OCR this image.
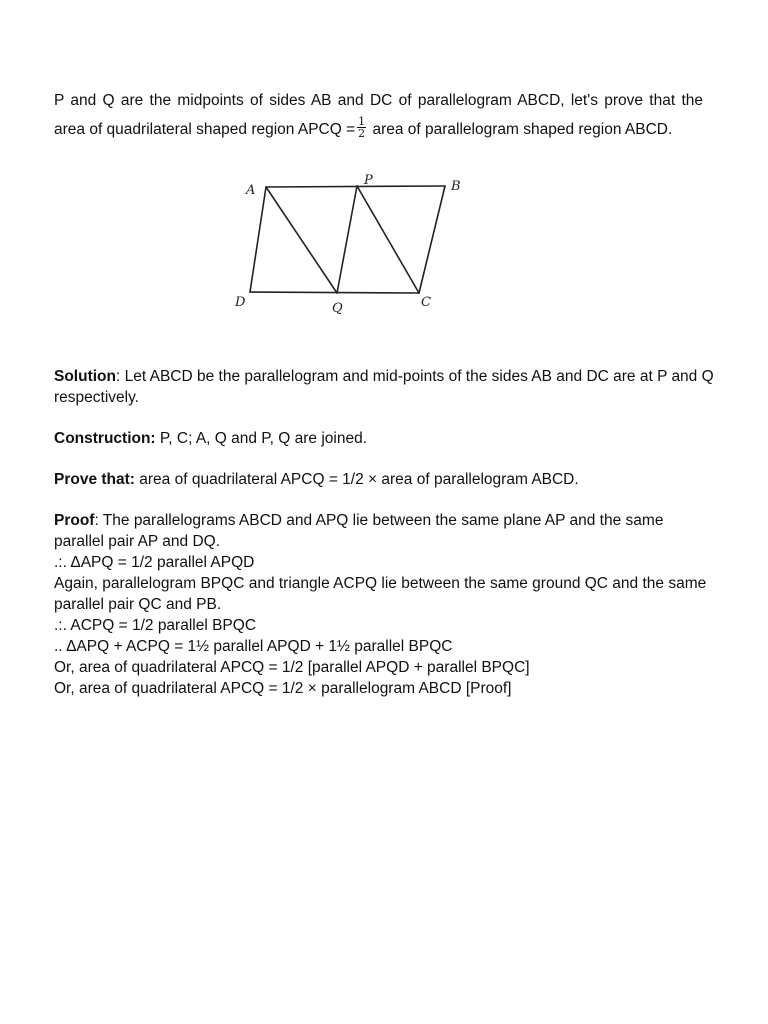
P and Q are the midpoints of sides AB and DC of parallelogram ABCD, let's prove that the area of quadrilateral shaped region APCQ = $\frac{1}{2}$ area of parallelogram shaped region ABCD.

A
P	B
D	Q	C

Solution: Let ABCD be the parallelogram and mid-points of the sides AB and DC are at P and Q respectively.

Construction: P, C; A, Q and P, Q are joined.

Prove that: area of quadrilateral APCQ = 1/2 × area of parallelogram ABCD.

Proof: The parallelograms ABCD and APQ lie between the same plane AP and the same parallel pair AP and DQ.

.:. ΔAPQ = 1/2 parallel APQD

Again, parallelogram BPQC and triangle ACPQ lie between the same ground QC and the same parallel pair QC and PB.

.:. ACPQ = 1/2 parallel BPQC

.. ΔAPQ + ACPQ = 1½ parallel APQD + 1½ parallel BPQC

Or, area of quadrilateral APCQ = 1/2 [parallel APQD + parallel BPQC]

Or, area of quadrilateral APCQ = 1/2 × parallelogram ABCD [Proof]
